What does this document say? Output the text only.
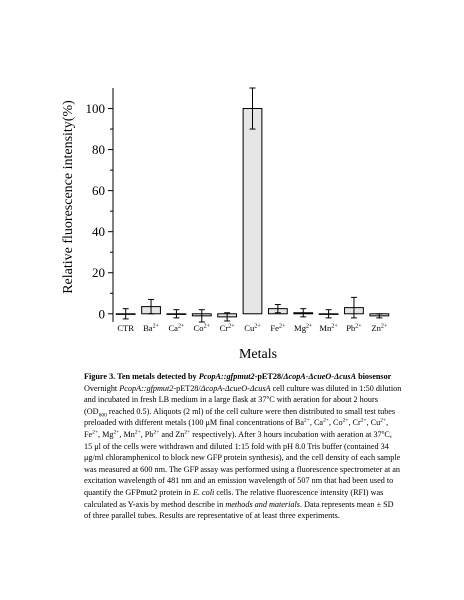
0
20
40
60
80
100
CTR $Ba^{2+}$ $Ca^{2+}$ $Co^{2+}$ $Cr^{2+}$ $Cu^{2+}$ $Fe^{2+}$ $Mg^{2+}$ $Mn^{2+}$ $Pb^{2+}$ $Zn^{2+}$
Relative fluorescence intensity(%)
Metals
Figure 3. Ten metals detected by PcopA::gfpmut2-pET28/ΔcopA-ΔcueO-ΔcusA biosensor Overnight PcopA::gfpmut2-pET28/ΔcopA-ΔcueO-ΔcusA cell culture was diluted in 1:50 dilution and incubated in fresh LB medium in a large flask at 37$^o$C with aeration for about 2 hours ($OD_{600}$ reached 0.5). Aliquots (2 ml) of the cell culture were then distributed to small test tubes preloaded with different metals (100 μM final concentrations of $Ba^{2+}$, $Ca^{2+}$, $Co^{2+}$, $Cr^{2+}$, $Cu^{2+}$, $Fe^{2+}$, $Mg^{2+}$, $Mn^{2+}$, $Pb^{2+}$ and $Zn^{2+}$ respectively). After 3 hours incubation with aeration at 37$^o$C, 15 μl of the cells were withdrawn and diluted 1:15 fold with pH 8.0 Tris buffer (contained 34 μg/ml chloramphenicol to block new GFP protein synthesis), and the cell density of each sample was measured at 600 nm. The GFP assay was performed using a fluorescence spectrometer at an excitation wavelength of 481 nm and an emission wavelength of 507 nm that had been used to quantify the GFPmut2 protein in E. coli cells. The relative fluorescence intensity (RFI) was calculated as Y-axis by method describe in methods and materials. Data represents mean ± SD of three parallel tubes. Results are representative of at least three experiments.
